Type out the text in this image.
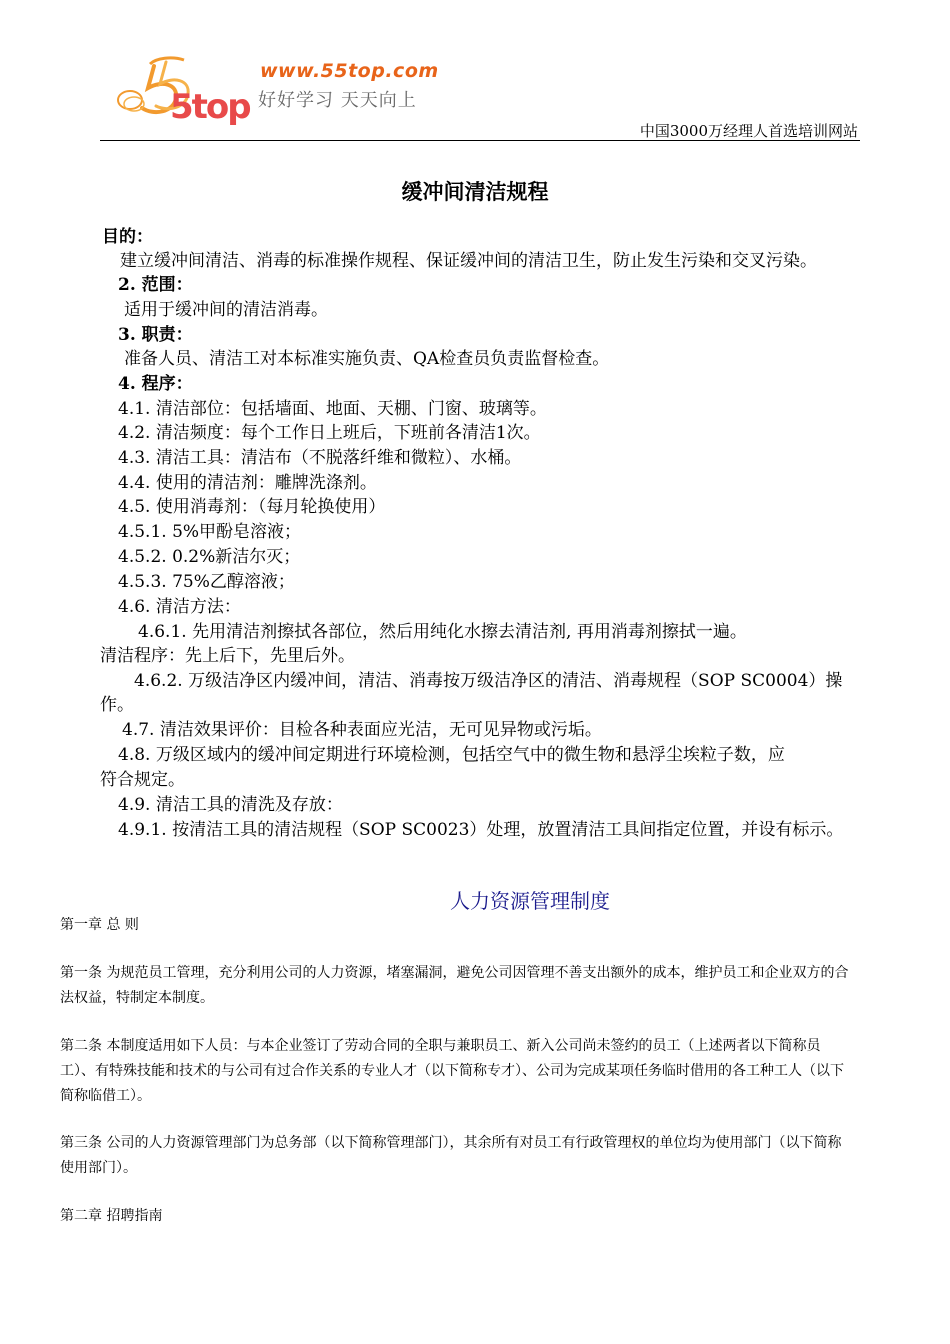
5top
www.55top.com
好好学习 天天向上
中国3000万经理人首选培训网站
缓冲间清洁规程
目的：
建立缓冲间清洁、消毒的标准操作规程、保证缓冲间的清洁卫生，防止发生污染和交叉污染。
2. 范围：
适用于缓冲间的清洁消毒。
3. 职责：
准备人员、清洁工对本标准实施负责、QA检查员负责监督检查。
4. 程序：
4.1. 清洁部位：包括墙面、地面、天棚、门窗、玻璃等。
4.2. 清洁频度：每个工作日上班后，下班前各清洁1次。
4.3. 清洁工具：清洁布（不脱落纤维和微粒）、水桶。
4.4. 使用的清洁剂：雕牌洗涤剂。
4.5. 使用消毒剂：（每月轮换使用）
4.5.1. 5%甲酚皂溶液；
4.5.2. 0.2%新洁尔灭；
4.5.3. 75%乙醇溶液；
4.6. 清洁方法：
4.6.1. 先用清洁剂擦拭各部位，然后用纯化水擦去清洁剂, 再用消毒剂擦拭一遍。
清洁程序：先上后下，先里后外。
4.6.2. 万级洁净区内缓冲间，清洁、消毒按万级洁净区的清洁、消毒规程（SOP SC0004）操
作。
4.7. 清洁效果评价：目检各种表面应光洁，无可见异物或污垢。
4.8. 万级区域内的缓冲间定期进行环境检测，包括空气中的微生物和悬浮尘埃粒子数，应
符合规定。
4.9. 清洁工具的清洗及存放：
4.9.1. 按清洁工具的清洁规程（SOP SC0023）处理，放置清洁工具间指定位置，并设有标示。
人力资源管理制度
第一章 总 则
第一条 为规范员工管理，充分利用公司的人力资源，堵塞漏洞，避免公司因管理不善支出额外的成本，维护员工和企业双方的合
法权益，特制定本制度。
第二条 本制度适用如下人员：与本企业签订了劳动合同的全职与兼职员工、新入公司尚未签约的员工（上述两者以下简称员
工）、有特殊技能和技术的与公司有过合作关系的专业人才（以下简称专才）、公司为完成某项任务临时借用的各工种工人（以下
简称临借工）。
第三条 公司的人力资源管理部门为总务部（以下简称管理部门），其余所有对员工有行政管理权的单位均为使用部门（以下简称
使用部门）。
第二章 招聘指南
